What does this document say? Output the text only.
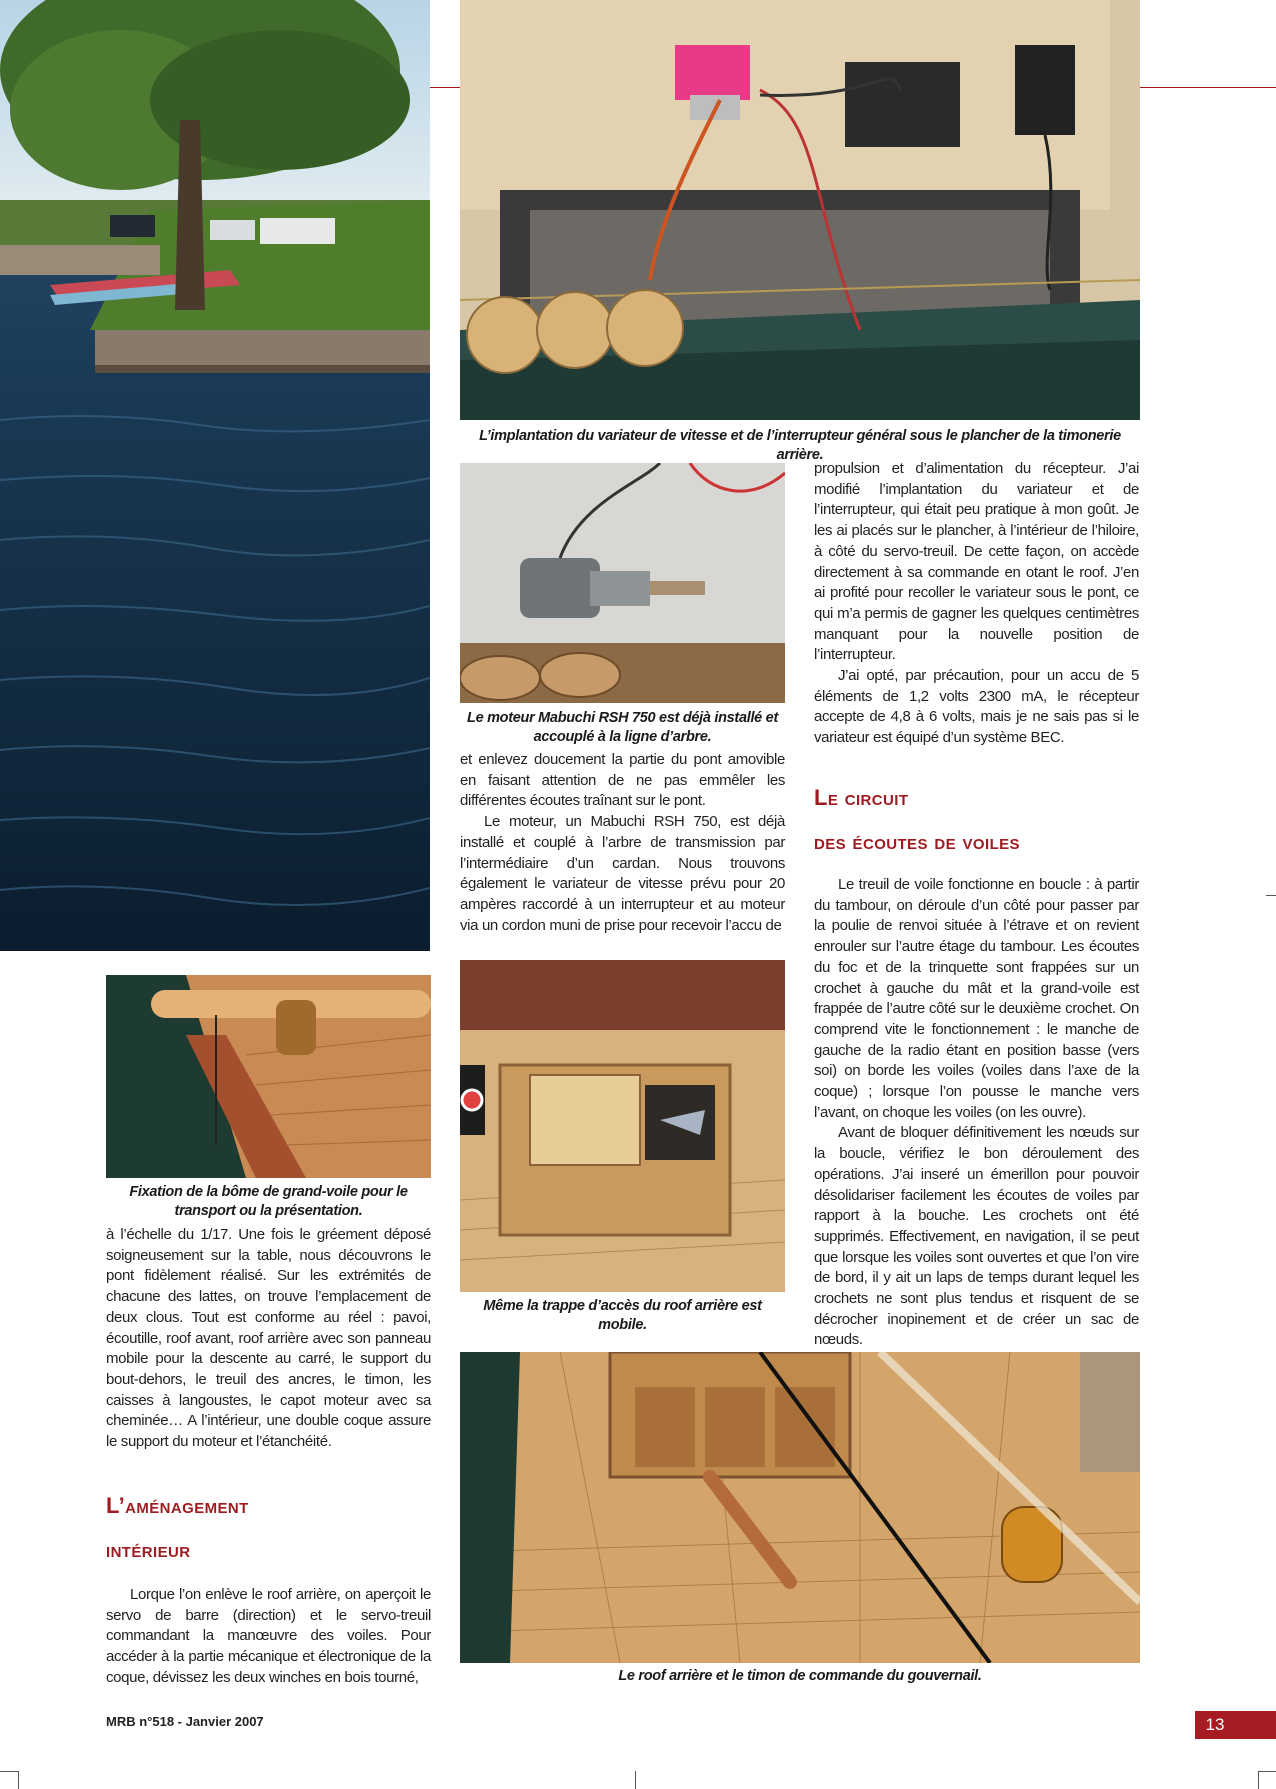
L’implantation du variateur de vitesse et de l’interrupteur général sous le plancher de la timonerie arrière.
Le moteur Mabuchi RSH 750 est déjà installé et accouplé à la ligne d’arbre.

et enlevez doucement la partie du pont amovible en faisant attention de ne pas emmêler les différentes écoutes traînant sur le pont.

Le moteur, un Mabuchi RSH 750, est déjà installé et couplé à l’arbre de transmission par l’intermédiaire d’un cardan. Nous trouvons également le variateur de vitesse prévu pour 20 ampères raccordé à un interrupteur et au moteur via un cordon muni de prise pour recevoir l’accu de

propulsion et d’alimentation du récepteur. J’ai modifié l’implantation du variateur et de l’interrupteur, qui était peu pratique à mon goût. Je les ai placés sur le plancher, à l’intérieur de l’hiloire, à côté du servo-treuil. De cette façon, on accède directement à sa commande en otant le roof. J’en ai profité pour recoller le variateur sous le pont, ce qui m’a permis de gagner les quelques centimètres manquant pour la nouvelle position de l’interrupteur.

J’ai opté, par précaution, pour un accu de 5 éléments de 1,2 volts 2300 mA, le récepteur accepte de 4,8 à 6 volts, mais je ne sais pas si le variateur est équipé d’un système BEC.

Le circuit
des écoutes de voiles

Le treuil de voile fonctionne en boucle : à partir du tambour, on déroule d’un côté pour passer par la poulie de renvoi située à l’étrave et on revient enrouler sur l’autre étage du tambour. Les écoutes du foc et de la trinquette sont frappées sur un crochet à gauche du mât et la grand-voile est frappée de l’autre côté sur le deuxième crochet. On comprend vite le fonctionnement : le manche de gauche de la radio étant en position basse (vers soi) on borde les voiles (voiles dans l’axe de la coque) ; lorsque l’on pousse le manche vers l’avant, on choque les voiles (on les ouvre).

Avant de bloquer définitivement les nœuds sur la boucle, vérifiez le bon déroulement des opérations. J’ai inseré un émerillon pour pouvoir désolidariser facilement les écoutes de voiles par rapport à la bouche. Les crochets ont été supprimés. Effectivement, en navigation, il se peut que lorsque les voiles sont ouvertes et que l’on vire de bord, il y ait un laps de temps durant lequel les crochets ne sont plus tendus et risquent de se décrocher inopinement et de créer un sac de nœuds.

Fixation de la bôme de grand-voile pour le transport ou la présentation.

à l’échelle du 1/17. Une fois le gréement déposé soigneusement sur la table, nous découvrons le pont fidèlement réalisé. Sur les extrémités de chacune des lattes, on trouve l’emplacement de deux clous. Tout est conforme au réel : pavoi, écoutille, roof avant, roof arrière avec son panneau mobile pour la descente au carré, le support du bout-dehors, le treuil des ancres, le timon, les caisses à langoustes, le capot moteur avec sa cheminée… A l’intérieur, une double coque assure le support du moteur et l’étanchéité.

L’aménagement
intérieur

Lorque l’on enlève le roof arrière, on aperçoit le servo de barre (direction) et le servo-treuil commandant la manœuvre des voiles. Pour accéder à la partie mécanique et électronique de la coque, dévissez les deux winches en bois tourné,

Même la trappe d’accès du roof arrière est mobile.
Le roof arrière et le timon de commande du gouvernail.
MRB n°518 - Janvier 2007	13
